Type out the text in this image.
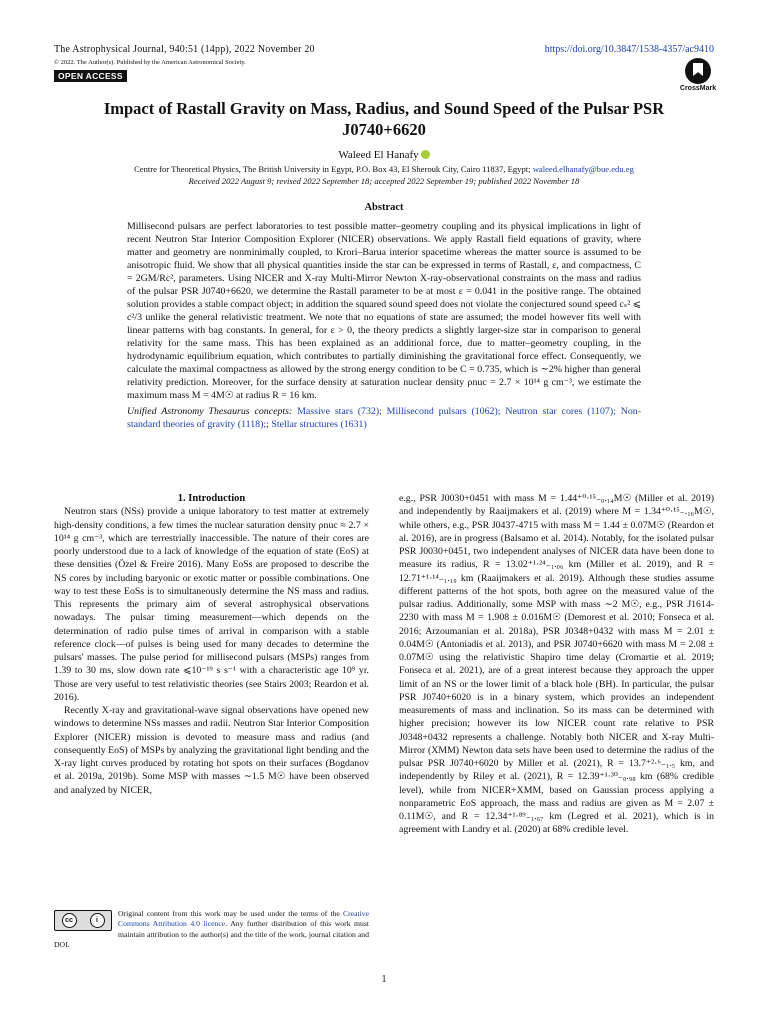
The Astrophysical Journal, 940:51 (14pp), 2022 November 20
© 2022. The Author(s). Published by the American Astronomical Society.
OPEN ACCESS
https://doi.org/10.3847/1538-4357/ac9410
CrossMark
Impact of Rastall Gravity on Mass, Radius, and Sound Speed of the Pulsar PSR J0740+6620
Waleed El Hanafy
Centre for Theoretical Physics, The British University in Egypt, P.O. Box 43, El Sherouk City, Cairo 11837, Egypt; waleed.elhanafy@bue.edu.eg
Received 2022 August 9; revised 2022 September 18; accepted 2022 September 19; published 2022 November 18
Abstract

Millisecond pulsars are perfect laboratories to test possible matter–geometry coupling and its physical implications in light of recent Neutron Star Interior Composition Explorer (NICER) observations. We apply Rastall field equations of gravity, where matter and geometry are nonminimally coupled, to Krori–Barua interior spacetime whereas the matter source is assumed to be anisotropic fluid. We show that all physical quantities inside the star can be expressed in terms of Rastall, ε, and compactness, C = 2GM/Rc², parameters. Using NICER and X-ray Multi-Mirror Newton X-ray-observational constraints on the mass and radius of the pulsar PSR J0740+6620, we determine the Rastall parameter to be at most ε = 0.041 in the positive range. The obtained solution provides a stable compact object; in addition the squared sound speed does not violate the conjectured sound speed cₛ² ⩽ c²/3 unlike the general relativistic treatment. We note that no equations of state are assumed; the model however fits well with linear patterns with bag constants. In general, for ε > 0, the theory predicts a slightly larger-size star in comparison to general relativity for the same mass. This has been explained as an additional force, due to matter–geometry coupling, in the hydrodynamic equilibrium equation, which contributes to partially diminishing the gravitational force effect. Consequently, we calculate the maximal compactness as allowed by the strong energy condition to be C = 0.735, which is ∼2% higher than general relativity prediction. Moreover, for the surface density at saturation nuclear density ρnuc = 2.7 × 10¹⁴ g cm⁻³, we estimate the maximum mass M = 4M☉ at radius R = 16 km.

Unified Astronomy Thesaurus concepts: Massive stars (732); Millisecond pulsars (1062); Neutron star cores (1107); Non-standard theories of gravity (1118);; Stellar structures (1631)

1. Introduction

Neutron stars (NSs) provide a unique laboratory to test matter at extremely high-density conditions, a few times the nuclear saturation density ρnuc ≈ 2.7 × 10¹⁴ g cm⁻³, which are terrestrially inaccessible. The nature of their cores are poorly understood due to a lack of knowledge of the equation of state (EoS) at these densities (Özel & Freire 2016). Many EoSs are proposed to describe the NS cores by including baryonic or exotic matter or possible combinations. One way to test these EoSs is to simultaneously determine the NS mass and radius. This represents the primary aim of several astrophysical observations nowadays. The pulsar timing measurement—which depends on the determination of radio pulse times of arrival in comparison with a stable reference clock—of pulses is being used for many decades to determine the pulsars' masses. The pulse period for millisecond pulsars (MSPs) ranges from 1.39 to 30 ms, slow down rate ⩽10⁻¹⁹ s s⁻¹ with a characteristic age 10⁹ yr. Those are very useful to test relativistic theories (see Stairs 2003; Reardon et al. 2016).

Recently X-ray and gravitational-wave signal observations have opened new windows to determine NSs masses and radii. Neutron Star Interior Composition Explorer (NICER) mission is devoted to measure mass and radius (and consequently EoS) of MSPs by analyzing the gravitational light bending and the X-ray light curves produced by rotating hot spots on their surfaces (Bogdanov et al. 2019a, 2019b). Some MSP with masses ∼1.5 M☉ have been observed and analyzed by NICER,

e.g., PSR J0030+0451 with mass M = 1.44⁺⁰·¹⁵₋₀.₁₄M☉ (Miller et al. 2019) and independently by Raaijmakers et al. (2019) where M = 1.34⁺⁰·¹⁵₋.₁₆M☉, while others, e.g., PSR J0437-4715 with mass M = 1.44 ± 0.07M☉ (Reardon et al. 2016), are in progress (Balsamo et al. 2014). Notably, for the isolated pulsar PSR J0030+0451, two independent analyses of NICER data have been done to measure its radius, R = 13.02⁺¹·²⁴₋₁.₀₆ km (Miller et al. 2019), and R = 12.71⁺¹·¹⁴₋₁.₁₉ km (Raaijmakers et al. 2019). Although these studies assume different patterns of the hot spots, both agree on the measured value of the pulsar radius. Additionally, some MSP with mass ∼2 M☉, e.g., PSR J1614-2230 with mass M = 1.908 ± 0.016M☉ (Demorest et al. 2010; Fonseca et al. 2016; Arzoumanian et al. 2018a), PSR J0348+0432 with mass M = 2.01 ± 0.04M☉ (Antoniadis et al. 2013), and PSR J0740+6620 with mass M = 2.08 ± 0.07M☉ using the relativistic Shapiro time delay (Cromartie et al. 2019; Fonseca et al. 2021), are of a great interest because they approach the upper limit of an NS or the lower limit of a black hole (BH). In particular, the pulsar PSR J0740+6020 is in a binary system, which provides an independent measurements of mass and inclination. So its mass can be determined with higher precision; however its low NICER count rate relative to PSR J0348+0432 represents a challenge. Notably both NICER and X-ray Multi-Mirror (XMM) Newton data sets have been used to determine the radius of the pulsar PSR J0740+6020 by Miller et al. (2021), R = 13.7⁺²·⁶₋₁.₅ km, and independently by Riley et al. (2021), R = 12.39⁺¹·³⁰₋₀.₉₈ km (68% credible level), while from NICER+XMM, based on Gaussian process applying a nonparametric EoS approach, the mass and radius are given as M = 2.07 ± 0.11M☉, and R = 12.34⁺¹·⁸⁹₋₁.₆₇ km (Legred et al. 2021), which is in agreement with Landry et al. (2020) at 68% credible level.

cc	i
Original content from this work may be used under the terms of the Creative Commons Attribution 4.0 licence. Any further distribution of this work must maintain attribution to the author(s) and the title of the work, journal citation and DOI.
1
